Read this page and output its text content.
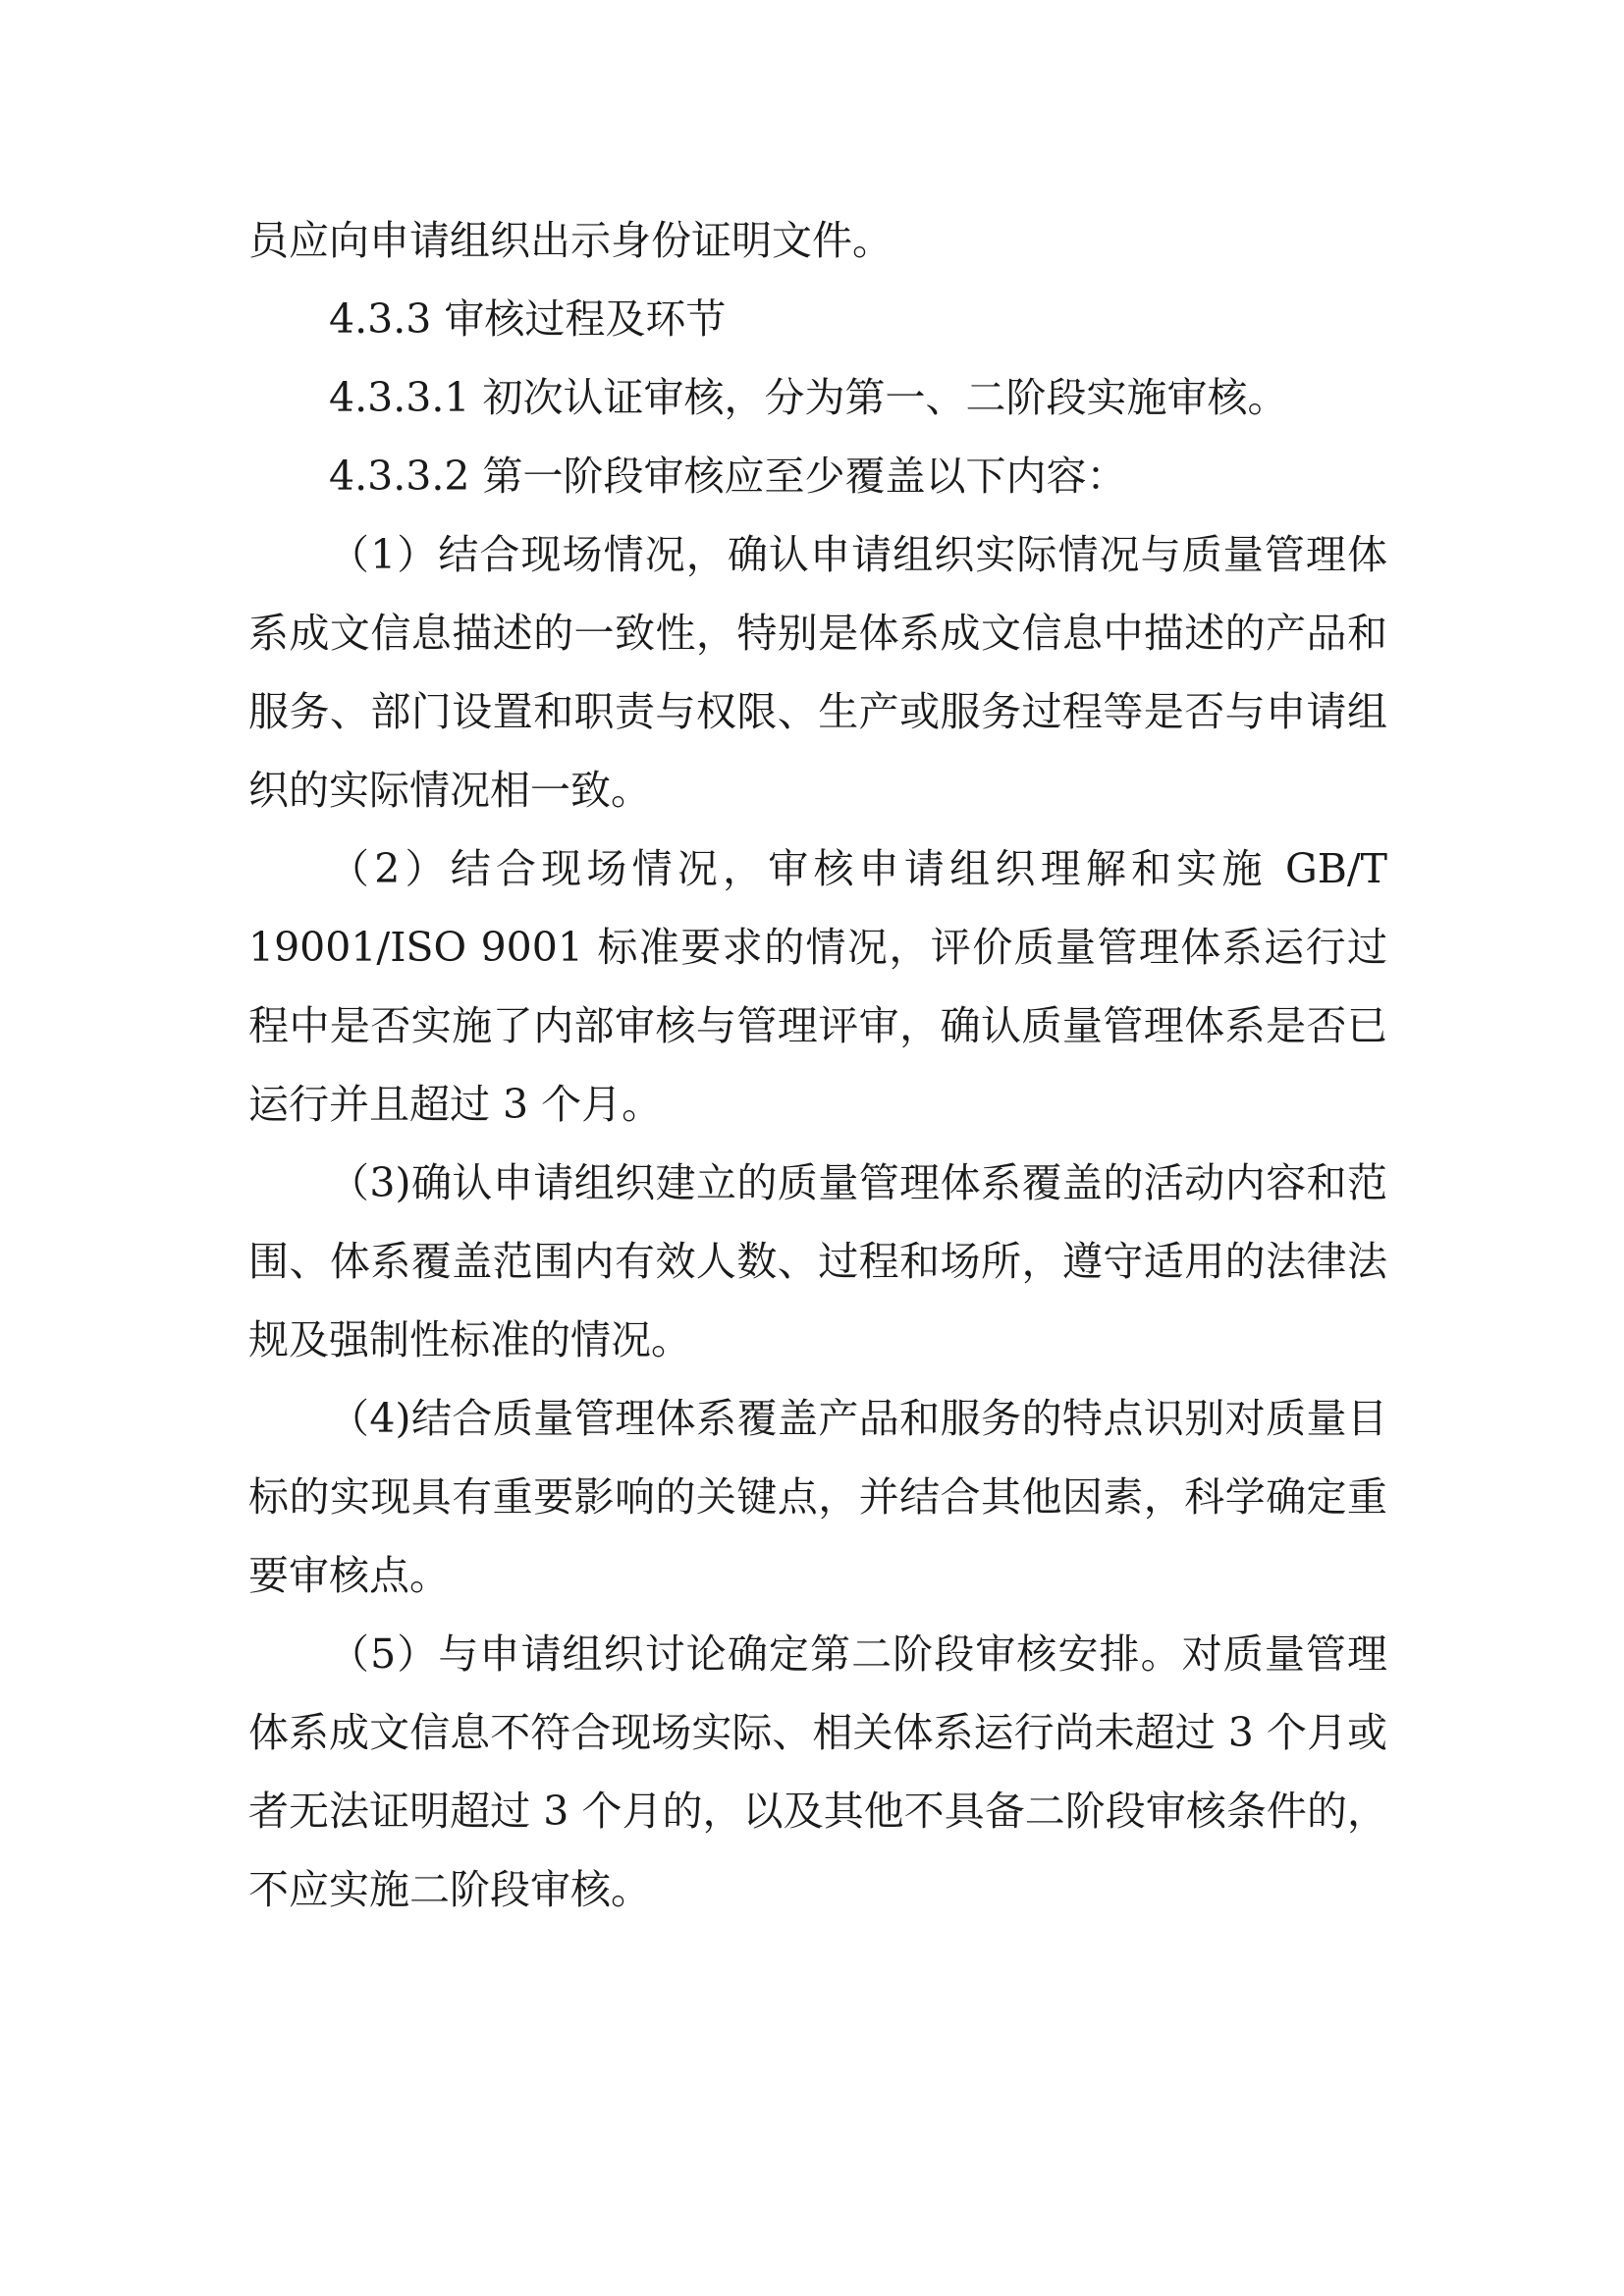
员应向申请组织出示身份证明文件。

4.3.3 审核过程及环节

4.3.3.1 初次认证审核，分为第一、二阶段实施审核。

4.3.3.2 第一阶段审核应至少覆盖以下内容：

（1）结合现场情况，确认申请组织实际情况与质量管理体系成文信息描述的一致性，特别是体系成文信息中描述的产品和服务、部门设置和职责与权限、生产或服务过程等是否与申请组织的实际情况相一致。

（2）结合现场情况，审核申请组织理解和实施 GB/T 19001/ISO 9001 标准要求的情况，评价质量管理体系运行过程中是否实施了内部审核与管理评审，确认质量管理体系是否已运行并且超过 3 个月。

（3)确认申请组织建立的质量管理体系覆盖的活动内容和范围、体系覆盖范围内有效人数、过程和场所，遵守适用的法律法规及强制性标准的情况。

（4)结合质量管理体系覆盖产品和服务的特点识别对质量目标的实现具有重要影响的关键点，并结合其他因素，科学确定重要审核点。

（5）与申请组织讨论确定第二阶段审核安排。对质量管理体系成文信息不符合现场实际、相关体系运行尚未超过 3 个月或者无法证明超过 3 个月的，以及其他不具备二阶段审核条件的，不应实施二阶段审核。
